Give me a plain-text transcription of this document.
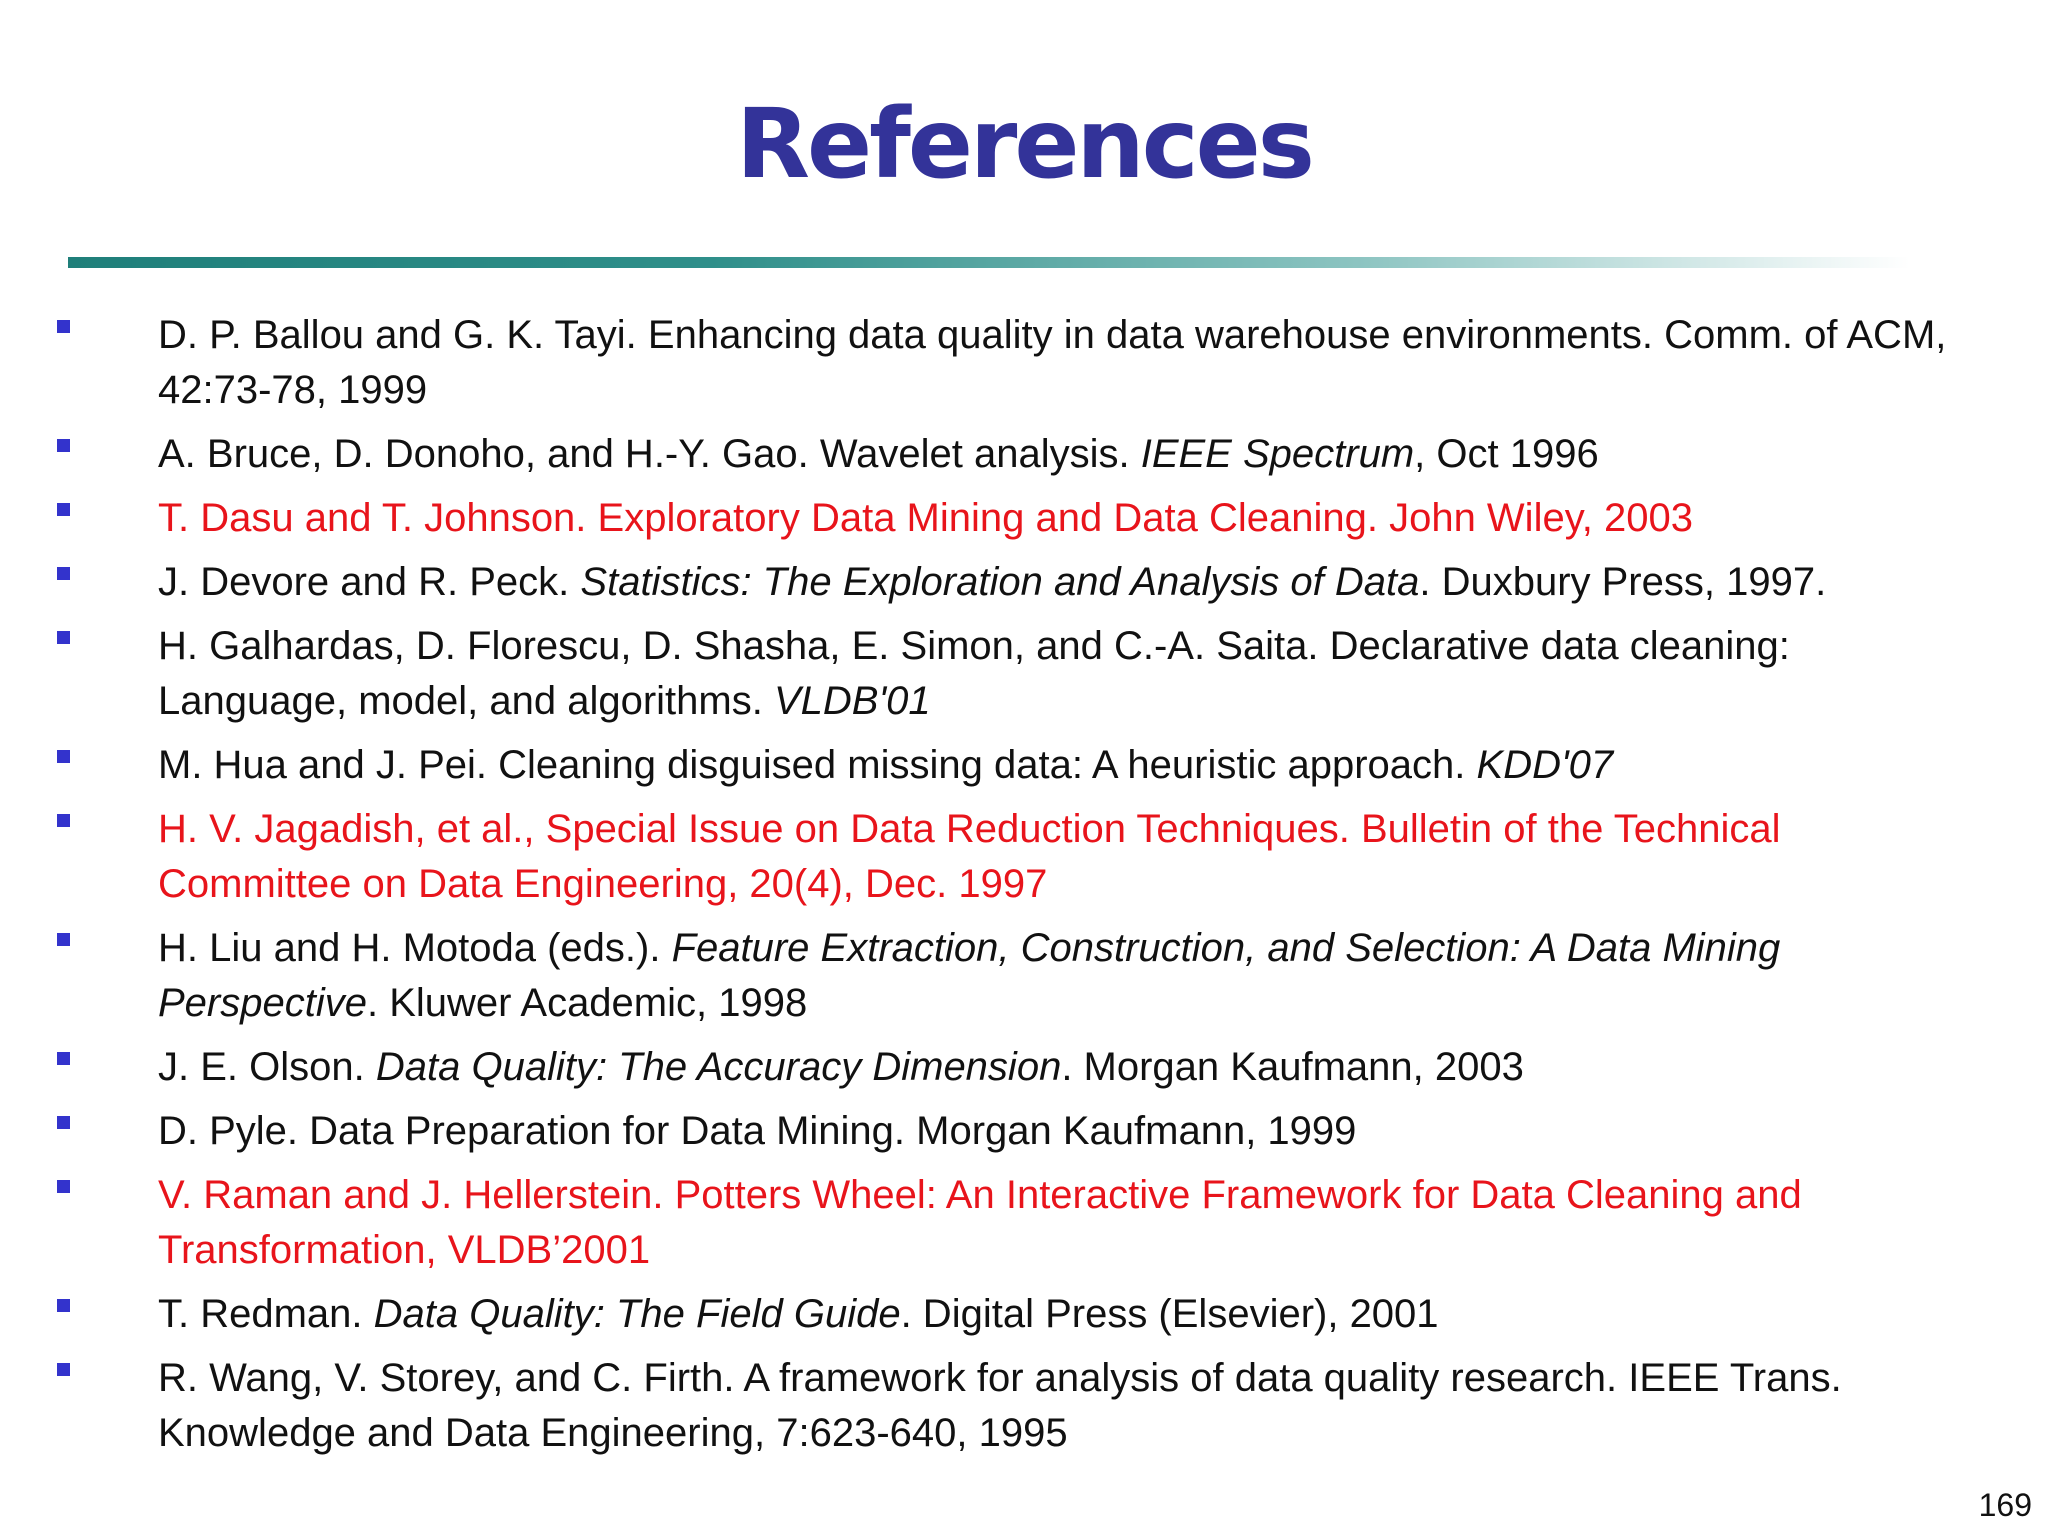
References
D. P. Ballou and G. K. Tayi. Enhancing data quality in data warehouse environments. Comm. of ACM, 42:73-78, 1999
A. Bruce, D. Donoho, and H.-Y. Gao. Wavelet analysis. IEEE Spectrum, Oct 1996
T. Dasu and T. Johnson. Exploratory Data Mining and Data Cleaning. John Wiley, 2003
J. Devore and R. Peck. Statistics: The Exploration and Analysis of Data. Duxbury Press, 1997.
H. Galhardas, D. Florescu, D. Shasha, E. Simon, and C.-A. Saita. Declarative data cleaning: Language, model, and algorithms. VLDB'01
M. Hua and J. Pei. Cleaning disguised missing data: A heuristic approach. KDD'07
H. V. Jagadish, et al., Special Issue on Data Reduction Techniques. Bulletin of the Technical Committee on Data Engineering, 20(4), Dec. 1997
H. Liu and H. Motoda (eds.). Feature Extraction, Construction, and Selection: A Data Mining Perspective. Kluwer Academic, 1998
J. E. Olson. Data Quality: The Accuracy Dimension. Morgan Kaufmann, 2003
D. Pyle. Data Preparation for Data Mining. Morgan Kaufmann, 1999
V. Raman and J. Hellerstein. Potters Wheel: An Interactive Framework for Data Cleaning and Transformation, VLDB’2001
T. Redman. Data Quality: The Field Guide. Digital Press (Elsevier), 2001
R. Wang, V. Storey, and C. Firth. A framework for analysis of data quality research. IEEE Trans. Knowledge and Data Engineering, 7:623-640, 1995
169
